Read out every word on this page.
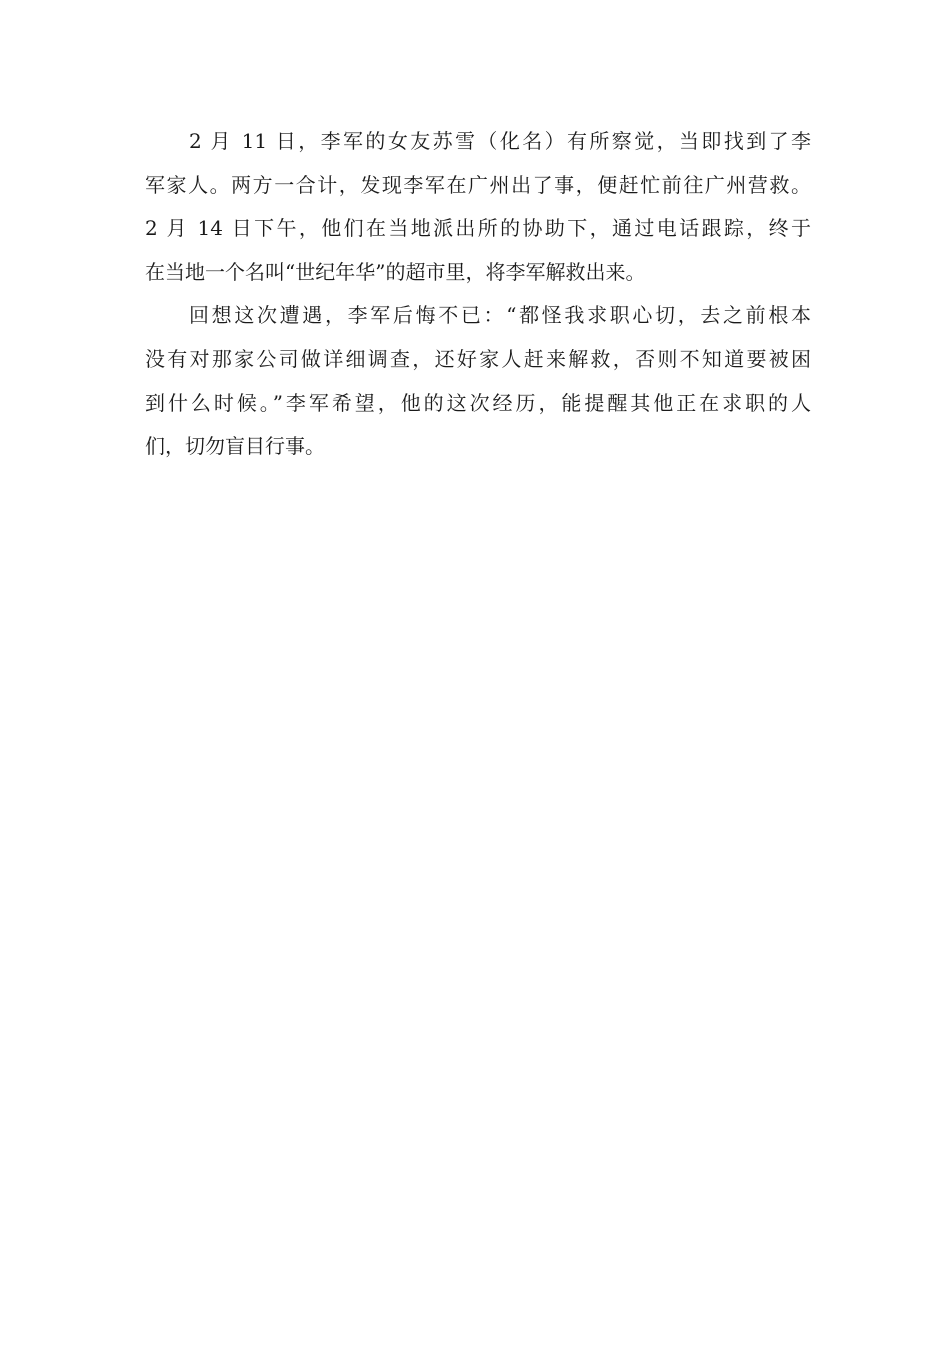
2 月 11 日，李军的女友苏雪（化名）有所察觉，当即找到了李
军家人。两方一合计，发现李军在广州出了事，便赶忙前往广州营救。
2 月 14 日下午，他们在当地派出所的协助下，通过电话跟踪，终于
在当地一个名叫“世纪年华”的超市里，将李军解救出来。
回想这次遭遇，李军后悔不已：“都怪我求职心切，去之前根本
没有对那家公司做详细调查，还好家人赶来解救，否则不知道要被困
到什么时候。”李军希望，他的这次经历，能提醒其他正在求职的人
们，切勿盲目行事。
